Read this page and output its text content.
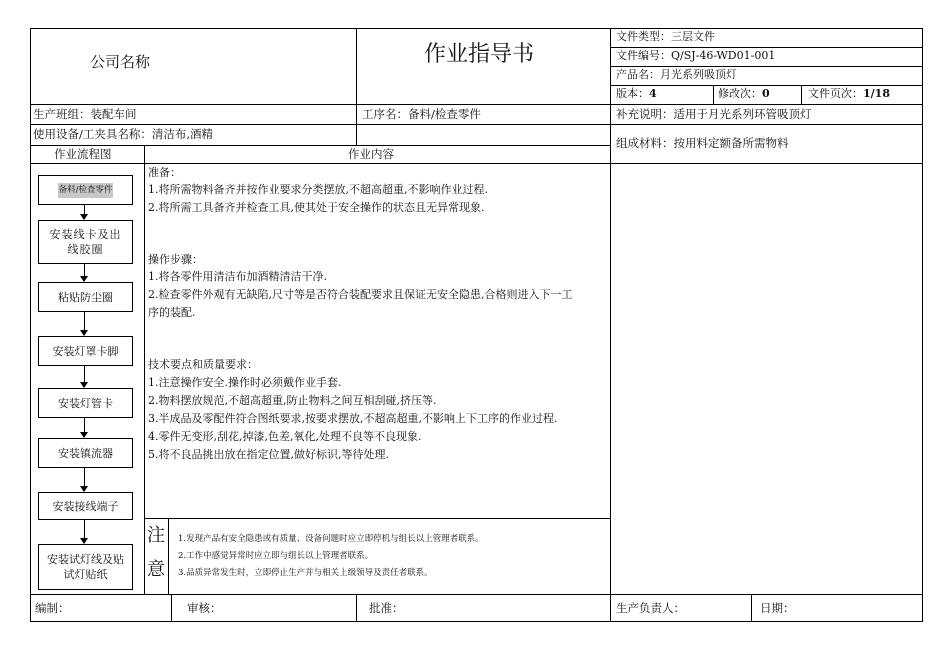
公司名称	作业指导书
文件类型：三层文件
文件编号：Q/SJ-46-WD01-001
产品名：月光系列吸顶灯
版本：4	修改次：0	文件页次：1/18
生产班组：装配车间	工序名：备料/检查零件	补充说明：适用于月光系列环管吸顶灯
使用设备/工夹具名称：清洁布,酒精
组成材料：按用料定额备所需物料
作业流程图	作业内容
备料/检查零件
安装线卡及出线胶圈
粘贴防尘圈
安装灯罩卡脚
安装灯管卡
安装镇流器
安装接线端子
安装试灯线及贴试灯贴纸
准备：
1.将所需物料备齐并按作业要求分类摆放,不超高超重,不影响作业过程.
2.将所需工具备齐并检查工具,使其处于安全操作的状态且无异常现象.
操作步骤：
1.将各零件用清洁布加酒精清洁干净.
2.检查零件外观有无缺陷,尺寸等是否符合装配要求且保证无安全隐患,合格则进入下一工
序的装配.
技术要点和质量要求：
1.注意操作安全.操作时必须戴作业手套.
2.物料摆放规范,不超高超重,防止物料之间互相刮碰,挤压等.
3.半成品及零配件符合图纸要求,按要求摆放,不超高超重,不影响上下工序的作业过程.
4.零件无变形,刮花,掉漆,色差,氧化,处理不良等不良现象.
5.将不良品挑出放在指定位置,做好标识,等待处理.
注
意
1.发现产品有安全隐患或有质量、设备问题时应立即停机与组长以上管理者联系。
2.工作中感觉异常时应立即与组长以上管理者联系。
3.品质异常发生时，立即停止生产并与相关上级领导及责任者联系。
编制：	审核：	批准：	生产负责人：	日期：
